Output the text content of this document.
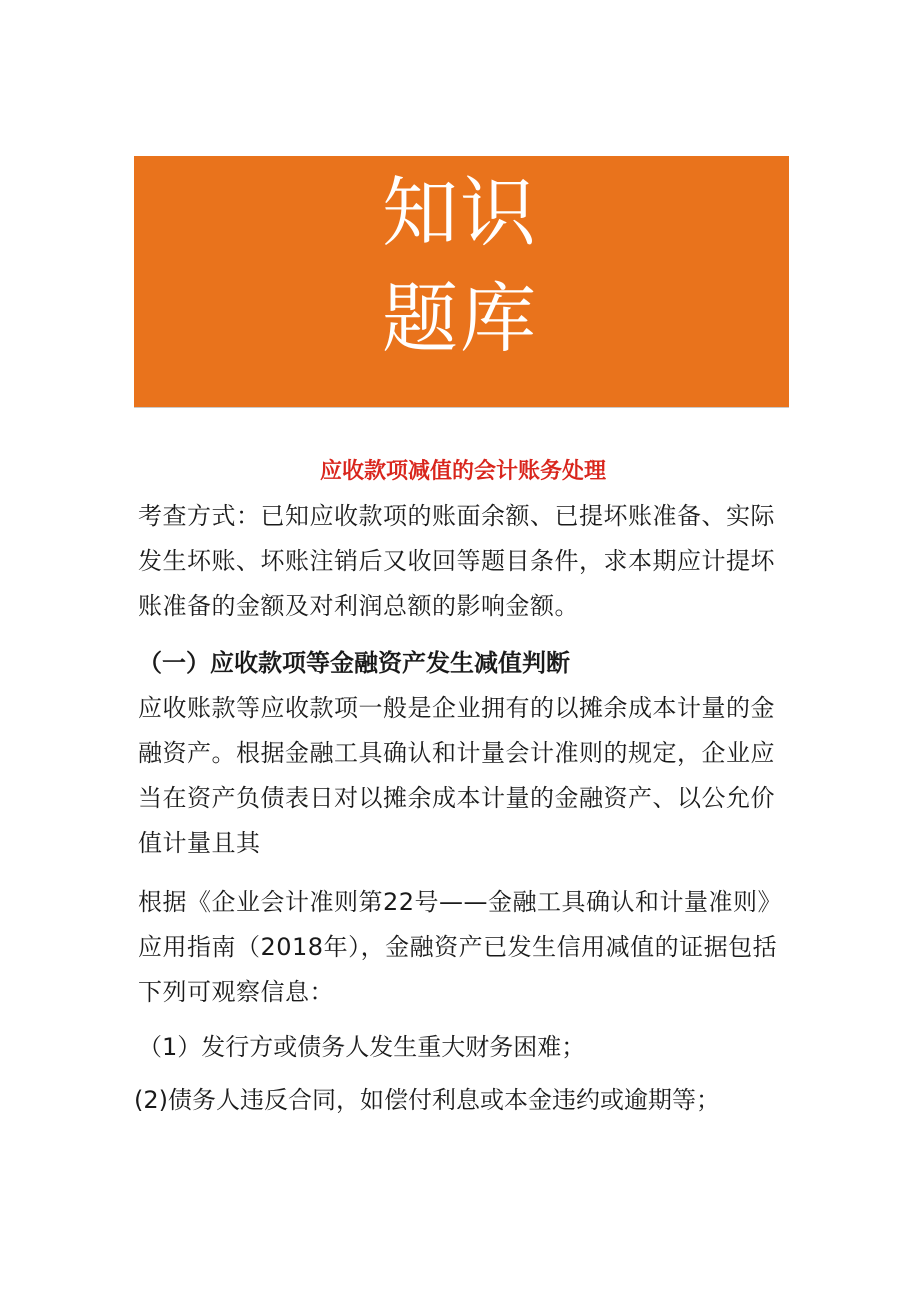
知识
题库

应收款项减值的会计账务处理

考查方式：已知应收款项的账面余额、已提坏账准备、实际发生坏账、坏账注销后又收回等题目条件，求本期应计提坏账准备的金额及对利润总额的影响金额。

（一）应收款项等金融资产发生减值判断

应收账款等应收款项一般是企业拥有的以摊余成本计量的金融资产。根据金融工具确认和计量会计准则的规定，企业应当在资产负债表日对以摊余成本计量的金融资产、以公允价值计量且其

根据《企业会计准则第22号——金融工具确认和计量准则》应用指南（2018年），金融资产已发生信用减值的证据包括下列可观察信息：

（1）发行方或债务人发生重大财务困难；

(2)债务人违反合同，如偿付利息或本金违约或逾期等；
